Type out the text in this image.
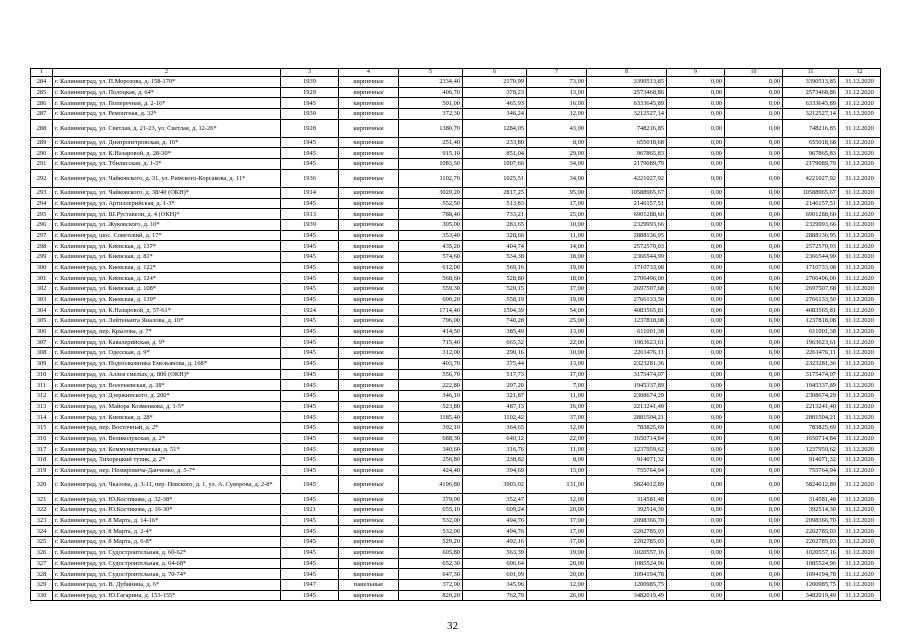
1	2	3	4	5	6	7	8	9	10	11	12
284	г. Калининград, ул. П.Морозова, д. 158-170*	1939	кирпичные	2334,40	2170,99	73,00	3390513,85	0,00	0,00	3390513,85	31.12.2020
285	г. Калининград, ул. Полоцкая, д. 64*	1929	кирпичные	406,70	378,23	13,00	2573468,86	0,00	0,00	2573468,86	31.12.2020
286	г. Калининград, ул. Поперечная, д. 2-16*	1945	кирпичные	501,00	465,93	16,00	6333645,89	0,00	0,00	6333645,89	31.12.2020
287	г. Калининград, ул. Ремонтная, д. 32*	1930	кирпичные	372,30	346,24	12,00	3212527,14	0,00	0,00	3212527,14	31.12.2020
288	г. Калининград, ул. Светлая, д. 21-23, ул. Светлая, д. 12-26*	1928	кирпичные	1380,70	1284,05	43,00	748216,85	0,00	0,00	748216,85	31.12.2020
289	г. Калининград, ул. Днепропетровская, д. 16*	1945	кирпичные	251,40	233,80	8,00	655018,68	0,00	0,00	655018,68	31.12.2020
290	г. Калининград, ул. К.Назаровой, д. 28-30*	1945	кирпичные	915,10	851,04	29,00	967865,83	0,00	0,00	967865,83	31.12.2020
291	г. Калининград, ул. Тбилисская, д. 1-3*	1945	кирпичные	1083,50	1007,66	34,00	2179089,79	0,00	0,00	2179089,79	31.12.2020
292	г. Калининград, ул. Чайковского, д. 31, ул. Римского-Корсакова, д. 11*	1936	кирпичные	1102,70	1025,51	34,00	4221027,92	0,00	0,00	4221027,92	31.12.2020
293	г. Калининград, ул. Чайковского, д. 38/40 (ОКН)*	1914	кирпичные	3029,20	2817,25	95,00	10588965,67	0,00	0,00	10588965,67	31.12.2020
294	г. Калининград, ул. Артиллерийская, д. 1-3*	1945	кирпичные	552,50	513,83	17,00	2146157,51	0,00	0,00	2146157,51	31.12.2020
295	г. Калининград, ул. Ш.Руставели, д. 4 (ОКН)*	1913	кирпичные	788,40	733,21	25,00	6901288,60	0,00	0,00	6901288,60	31.12.2020
296	г. Калининград, ул. Жуковского, д. 10*	1939	кирпичные	305,00	283,65	10,00	2329993,66	0,00	0,00	2329993,66	31.12.2020
297	г. Калининград, шос. Советский, д. 17*	1945	кирпичные	353,40	328,66	11,00	2888136,95	0,00	0,00	2888136,95	31.12.2020
298	г. Калининград, ул. Киевская, д. 137*	1945	кирпичные	435,20	404,74	14,00	2572570,03	0,00	0,00	2572570,03	31.12.2020
299	г. Калининград, ул. Киевская, д. 81*	1945	кирпичные	574,60	534,38	18,00	2366544,99	0,00	0,00	2366544,99	31.12.2020
300	г. Калининград, ул. Киевская, д. 122*	1945	кирпичные	612,00	569,16	19,00	1710733,08	0,00	0,00	1710733,08	31.12.2020
301	г. Калининград, ул. Киевская, д. 124*	1945	кирпичные	568,60	528,80	18,00	2706496,00	0,00	0,00	2706496,00	31.12.2020
302	г. Калининград, ул. Киевская, д. 108*	1945	кирпичные	559,30	520,15	17,00	2697507,68	0,00	0,00	2697507,68	31.12.2020
303	г. Калининград, ул. Киевская, д. 139*	1945	кирпичные	600,20	558,19	19,00	2766133,50	0,00	0,00	2766133,50	31.12.2020
304	г. Калининград, ул. К.Назаровой, д. 57-61*	1924	кирпичные	1714,40	1594,39	54,00	4083565,81	0,00	0,00	4083565,81	31.12.2020
305	г. Калининград, ул. Лейтенанта Яналова, д. 10*	1945	кирпичные	796,00	740,28	25,00	1237818,08	0,00	0,00	1237818,08	31.12.2020
306	г. Калининград, пер. Крылова, д. 7*	1945	кирпичные	414,50	385,49	13,00	611001,38	0,00	0,00	611001,38	31.12.2020
307	г. Калининград, ул. Кавалерийская, д. 9*	1945	кирпичные	715,40	665,32	22,00	1963623,61	0,00	0,00	1963623,61	31.12.2020
308	г. Калининград, ул. Одесская, д. 9*	1945	кирпичные	312,00	290,16	10,00	2261476,11	0,00	0,00	2261476,11	31.12.2020
309	г. Калининград, ул. Подполковника Емельянова, д. 168*	1945	кирпичные	403,70	375,44	13,00	2323281,36	0,00	0,00	2323281,36	31.12.2020
310	г. Калининград, ул. Аллея смелых, д. 80б (ОКН)*	1945	кирпичные	556,70	517,73	17,00	3175474,07	0,00	0,00	3175474,07	31.12.2020
311	г. Калининград, ул. Волочаевская, д. 38*	1945	кирпичные	222,80	207,20	7,00	1945337,89	0,00	0,00	1945337,89	31.12.2020
312	г. Калининград, ул. Дзержинского, д. 200*	1945	кирпичные	346,10	321,87	11,00	2308674,29	0,00	0,00	2308674,29	31.12.2020
313	г. Калининград, ул. Майора Козменкова, д. 1-5*	1945	кирпичные	523,80	487,13	16,00	2213241,40	0,00	0,00	2213241,40	31.12.2020
314	г. Калининград, ул. Киевская, д. 28*	1945	кирпичные	1185,40	1102,42	37,00	2881504,21	0,00	0,00	2881504,21	31.12.2020
315	г. Калининград, пер. Восточный, д. 2*	1945	кирпичные	392,10	364,65	12,00	783825,69	0,00	0,00	783825,69	31.12.2020
316	г. Калининград, ул. Великолукская, д. 2*	1945	кирпичные	688,30	640,12	22,00	1650714,84	0,00	0,00	1650714,84	31.12.2020
317	г. Калининград, ул. Коммунистическая, д. 51*	1945	кирпичные	340,60	316,76	11,00	1237959,62	0,00	0,00	1237959,62	31.12.2020
318	г. Калининград, Тихорецкий тупик, д. 2*	1945	кирпичные	256,80	238,82	8,00	914071,32	0,00	0,00	914071,32	31.12.2020
319	г. Калининград, пер. Немировича-Данченко, д. 5-7*	1945	кирпичные	424,40	394,69	13,00	755764,94	0,00	0,00	755764,94	31.12.2020
320	г. Калининград, ул. Чкалова, д. 3-11, пер. Невского, д. 1, ул. А. Суворова, д. 2-8*	1945	кирпичные	4196,80	3903,02	131,00	5824012,89	0,00	0,00	5824012,89	31.12.2020
321	г. Калининград, ул. Ю.Костикова, д. 32-38*	1945	кирпичные	379,00	352,47	12,00	314581,48	0,00	0,00	314581,48	31.12.2020
322	г. Калининград, ул. Ю.Костикова, д. 16-30*	1921	кирпичные	655,10	609,24	20,00	392514,30	0,00	0,00	392514,30	31.12.2020
323	г. Калининград, ул. 8 Марта, д. 14-16*	1945	кирпичные	532,00	494,76	17,00	2098366,70	0,00	0,00	2098366,70	31.12.2020
324	г. Калининград, ул. 8 Марта, д. 2-4*	1945	кирпичные	532,00	494,76	17,00	2202785,03	0,00	0,00	2202785,03	31.12.2020
325	г. Калининград, ул. 8 Марта, д. 6-8*	1945	кирпичные	529,20	492,16	17,00	2202785,03	0,00	0,00	2202785,03	31.12.2020
326	г. Калининград, ул. Судостроительная, д. 60-62*	1945	кирпичные	605,80	563,39	19,00	1020557,16	0,00	0,00	1020557,16	31.12.2020
327	г. Калининград, ул. Судостроительная, д. 64-68*	1945	кирпичные	652,30	606,64	20,00	1085524,96	0,00	0,00	1085524,96	31.12.2020
328	г. Калининград, ул. Судостроительная, д. 70-74*	1945	кирпичные	647,30	601,99	20,00	1094194,78	0,00	0,00	1094194,78	31.12.2020
329	г. Калининград, ул. В. Дубинина, д. 6*	1947	панельные	372,00	345,96	12,00	1200985,75	0,00	0,00	1200985,75	31.12.2020
330	г. Калининград, ул. Ю.Гагарина, д. 153-155*	1945	кирпичные	820,20	762,79	26,00	3482019,49	0,00	0,00	3482019,49	31.12.2020
32
